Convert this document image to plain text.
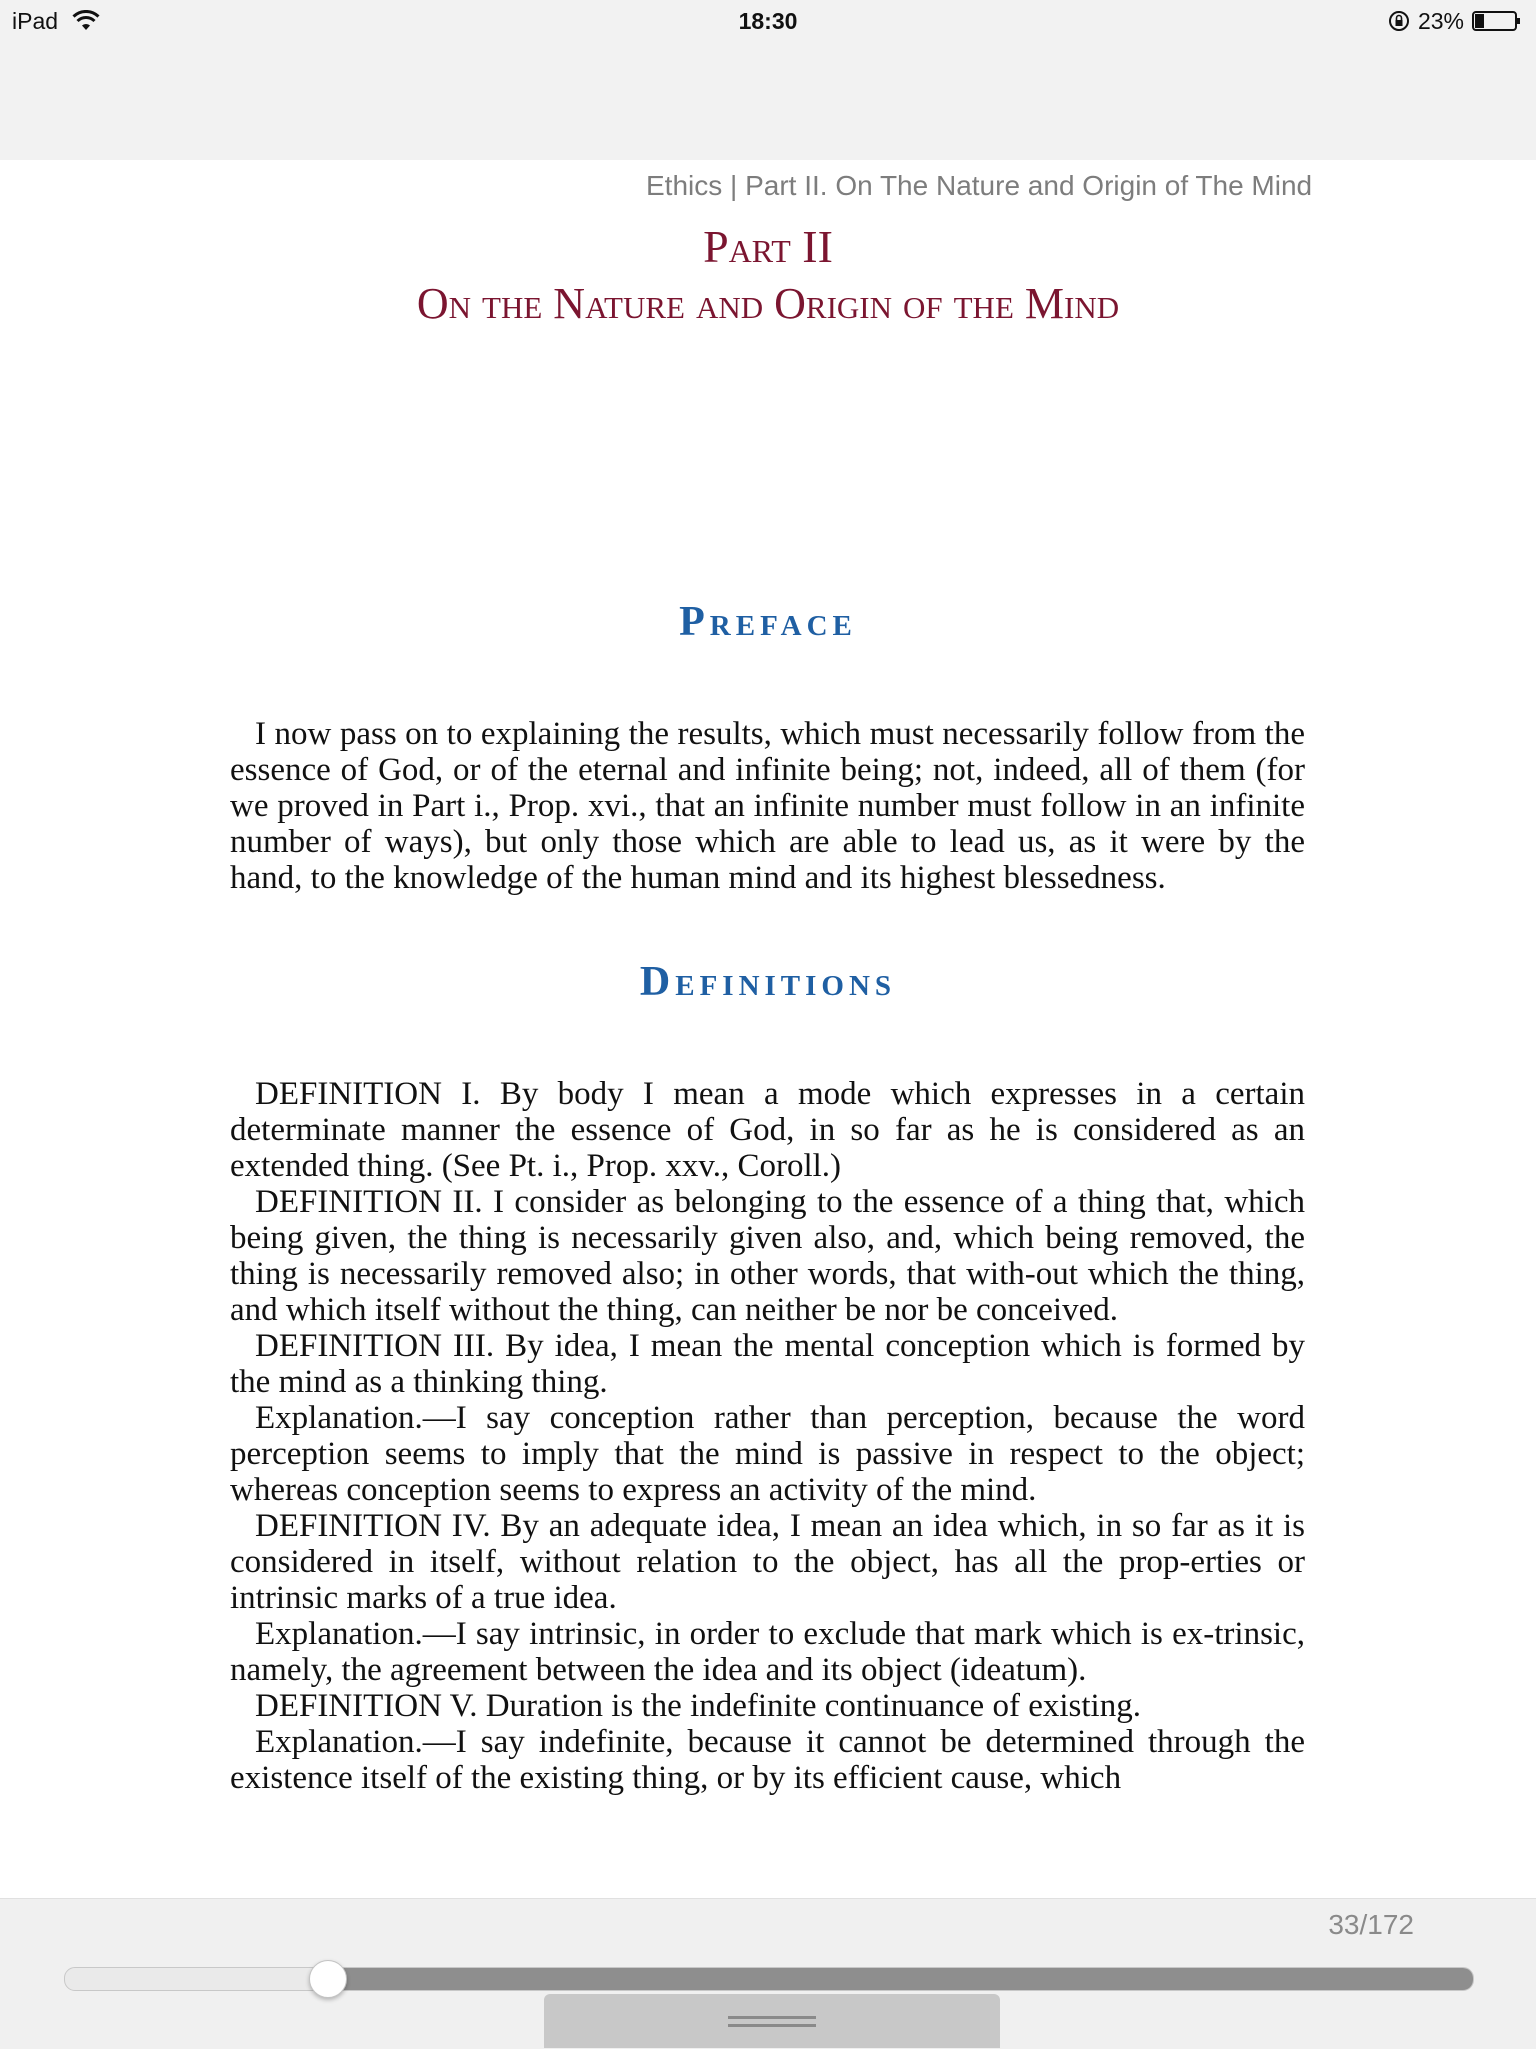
iPad	18:30	23%
Ethics | Part II. On The Nature and Origin of The Mind
Part II
On the Nature and Origin of the Mind
Preface
I now pass on to explaining the results, which must necessarily follow from the essence of God, or of the eternal and infinite being; not, indeed, all of them (for we proved in Part i., Prop. xvi., that an infinite number must follow in an infinite number of ways), but only those which are able to lead us, as it were by the hand, to the knowledge of the human mind and its highest blessedness.
Definitions

DEFINITION I. By body I mean a mode which expresses in a certain determinate manner the essence of God, in so far as he is considered as an extended thing. (See Pt. i., Prop. xxv., Coroll.)

DEFINITION II. I consider as belonging to the essence of a thing that, which being given, the thing is necessarily given also, and, which being removed, the thing is necessarily removed also; in other words, that with-out which the thing, and which itself without the thing, can neither be nor be conceived.

DEFINITION III. By idea, I mean the mental conception which is formed by the mind as a thinking thing.

Explanation.—I say conception rather than perception, because the word perception seems to imply that the mind is passive in respect to the object; whereas conception seems to express an activity of the mind.

DEFINITION IV. By an adequate idea, I mean an idea which, in so far as it is considered in itself, without relation to the object, has all the prop-erties or intrinsic marks of a true idea.

Explanation.—I say intrinsic, in order to exclude that mark which is ex-trinsic, namely, the agreement between the idea and its object (ideatum).

DEFINITION V. Duration is the indefinite continuance of existing.

Explanation.—I say indefinite, because it cannot be determined through the existence itself of the existing thing, or by its efficient cause, which

33/172
